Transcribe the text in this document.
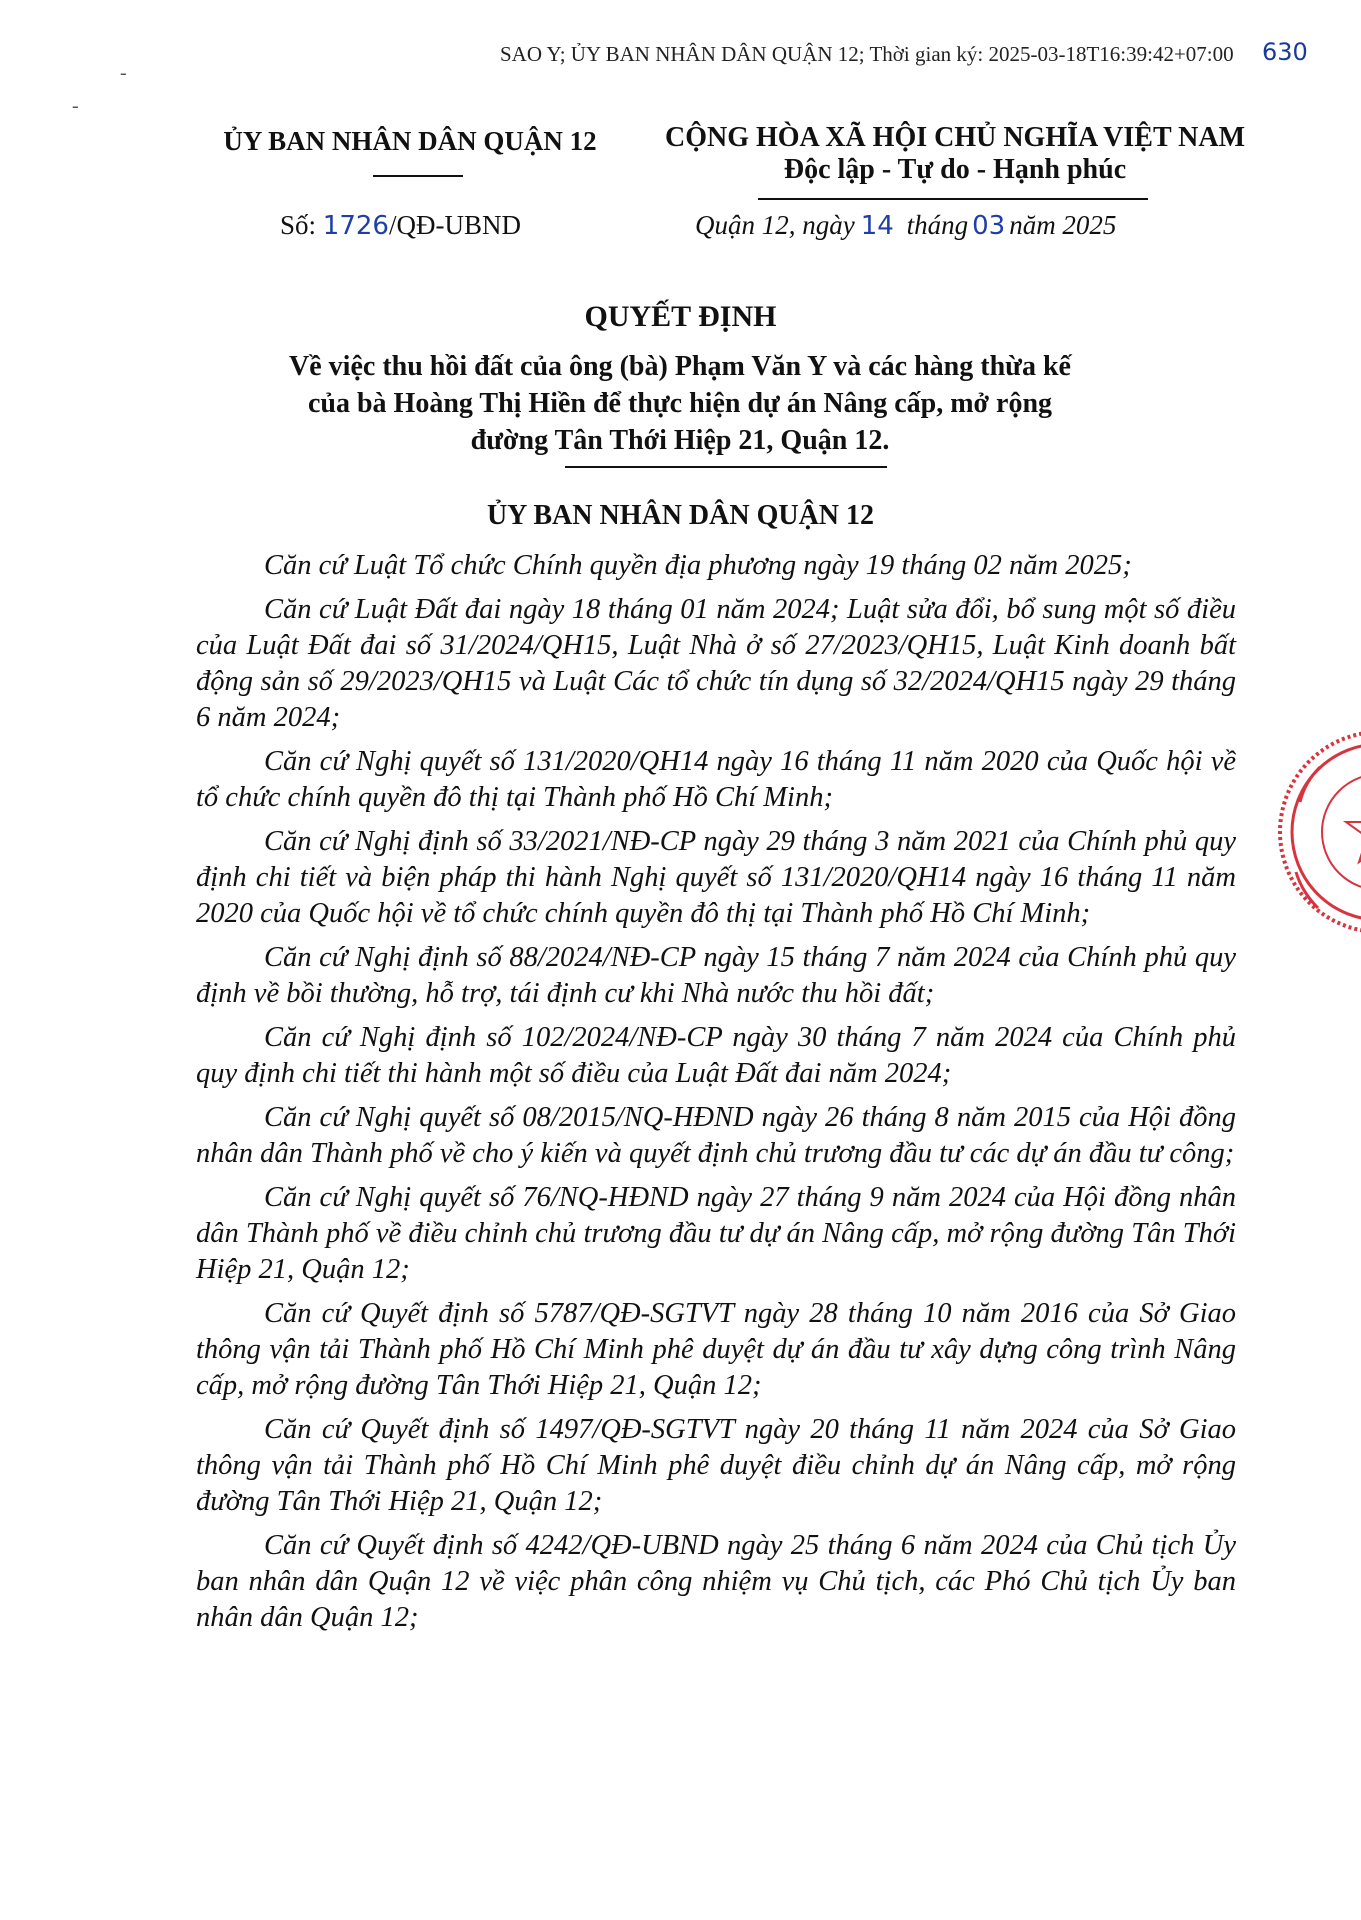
SAO Y; ỦY BAN NHÂN DÂN QUẬN 12; Thời gian ký: 2025-03-18T16:39:42+07:00 630
-
-
ỦY BAN NHÂN DÂN QUẬN 12	CỘNG HÒA XÃ HỘI CHỦ NGHĨA VIỆT NAM
Độc lập - Tự do - Hạnh phúc
Số: 1726/QĐ-UBND	Quận 12, ngày 14 tháng 03 năm 2025
QUYẾT ĐỊNH
Về việc thu hồi đất của ông (bà) Phạm Văn Y và các hàng thừa kế
của bà Hoàng Thị Hiền để thực hiện dự án Nâng cấp, mở rộng
đường Tân Thới Hiệp 21, Quận 12.
ỦY BAN NHÂN DÂN QUẬN 12

Căn cứ Luật Tổ chức Chính quyền địa phương ngày 19 tháng 02 năm 2025;

Căn cứ Luật Đất đai ngày 18 tháng 01 năm 2024; Luật sửa đổi, bổ sung một số điều của Luật Đất đai số 31/2024/QH15, Luật Nhà ở số 27/2023/QH15, Luật Kinh doanh bất động sản số 29/2023/QH15 và Luật Các tổ chức tín dụng số 32/2024/QH15 ngày 29 tháng 6 năm 2024;

Căn cứ Nghị quyết số 131/2020/QH14 ngày 16 tháng 11 năm 2020 của Quốc hội về tổ chức chính quyền đô thị tại Thành phố Hồ Chí Minh;

Căn cứ Nghị định số 33/2021/NĐ-CP ngày 29 tháng 3 năm 2021 của Chính phủ quy định chi tiết và biện pháp thi hành Nghị quyết số 131/2020/QH14 ngày 16 tháng 11 năm 2020 của Quốc hội về tổ chức chính quyền đô thị tại Thành phố Hồ Chí Minh;

Căn cứ Nghị định số 88/2024/NĐ-CP ngày 15 tháng 7 năm 2024 của Chính phủ quy định về bồi thường, hỗ trợ, tái định cư khi Nhà nước thu hồi đất;

Căn cứ Nghị định số 102/2024/NĐ-CP ngày 30 tháng 7 năm 2024 của Chính phủ quy định chi tiết thi hành một số điều của Luật Đất đai năm 2024;

Căn cứ Nghị quyết số 08/2015/NQ-HĐND ngày 26 tháng 8 năm 2015 của Hội đồng nhân dân Thành phố về cho ý kiến và quyết định chủ trương đầu tư các dự án đầu tư công;

Căn cứ Nghị quyết số 76/NQ-HĐND ngày 27 tháng 9 năm 2024 của Hội đồng nhân dân Thành phố về điều chỉnh chủ trương đầu tư dự án Nâng cấp, mở rộng đường Tân Thới Hiệp 21, Quận 12;

Căn cứ Quyết định số 5787/QĐ-SGTVT ngày 28 tháng 10 năm 2016 của Sở Giao thông vận tải Thành phố Hồ Chí Minh phê duyệt dự án đầu tư xây dựng công trình Nâng cấp, mở rộng đường Tân Thới Hiệp 21, Quận 12;

Căn cứ Quyết định số 1497/QĐ-SGTVT ngày 20 tháng 11 năm 2024 của Sở Giao thông vận tải Thành phố Hồ Chí Minh phê duyệt điều chỉnh dự án Nâng cấp, mở rộng đường Tân Thới Hiệp 21, Quận 12;

Căn cứ Quyết định số 4242/QĐ-UBND ngày 25 tháng 6 năm 2024 của Chủ tịch Ủy ban nhân dân Quận 12 về việc phân công nhiệm vụ Chủ tịch, các Phó Chủ tịch Ủy ban nhân dân Quận 12;
